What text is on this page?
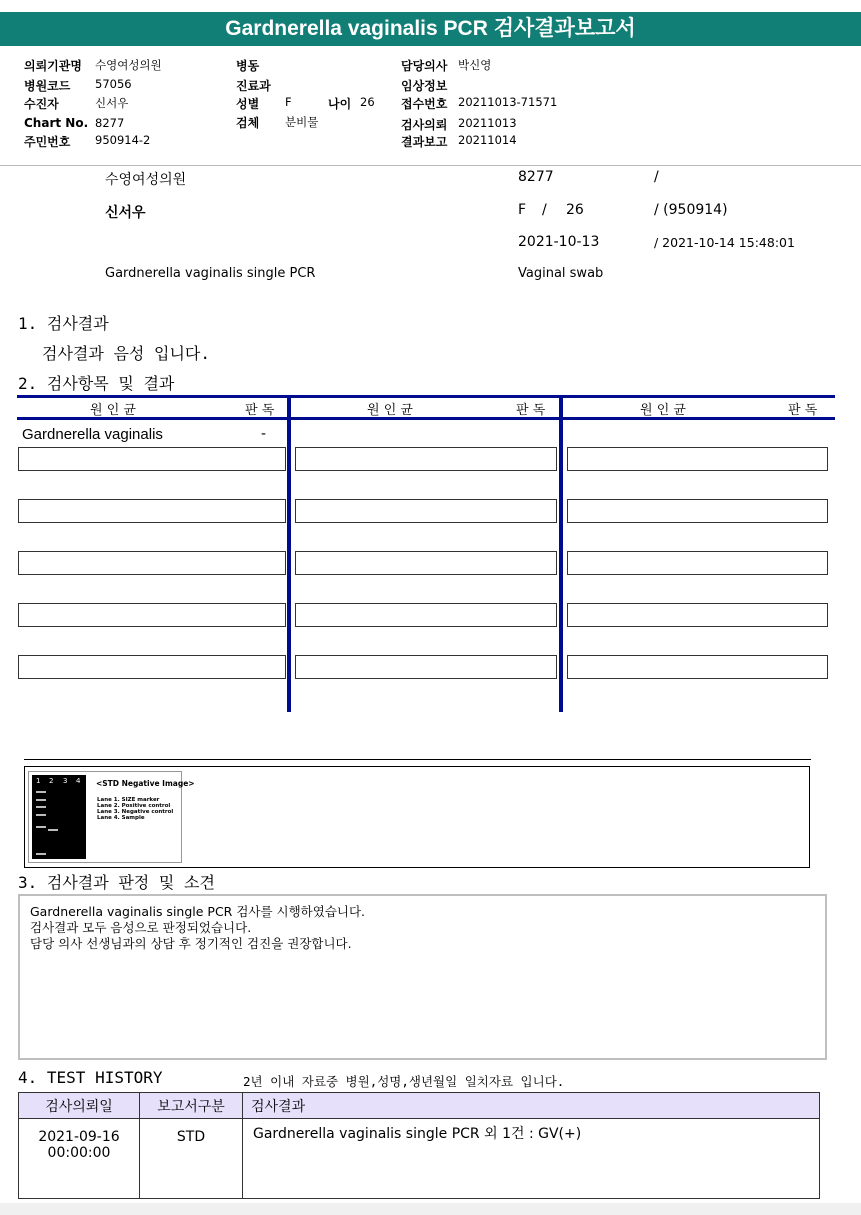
Gardnerella vaginalis PCR 검사결과보고서
의뢰기관명 수영여성의원
병원코드 57056
수진자	신서우
Chart No. 8277
주민번호 950914-2
병동
진료과
성별 F	나이 26
검체 분비물
담당의사 박신영
임상정보
접수번호 20211013-71571
검사의뢰 20211013
결과보고 20211014
수영여성의원	8277	/
신서우	F / 26	/ (950914)
2021-10-13	/ 2021-10-14 15:48:01
Gardnerella vaginalis single PCR	Vaginal swab
1. 검사결과
검사결과 음성 입니다.
2. 검사항목 및 결과
원 인 균	판 독	원 인 균	판 독	원 인 균	판 독
Gardnerella vaginalis	-
1 2 3 4 <STD Negative Image>
Lane 1. SIZE marker
Lane 2. Positive control
Lane 3. Negative control
Lane 4. Sample
3. 검사결과 판정 및 소견
Gardnerella vaginalis single PCR 검사를 시행하였습니다.
검사결과 모두 음성으로 판정되었습니다.
담당 의사 선생님과의 상담 후 정기적인 검진을 권장합니다.
4. TEST HISTORY	2년 이내 자료중 병원,성명,생년월일 일치자료 입니다.
검사의뢰일	보고서구분	검사결과

2021-09-16
00:00:00	STD	Gardnerella vaginalis single PCR 외 1건 : GV(+)
